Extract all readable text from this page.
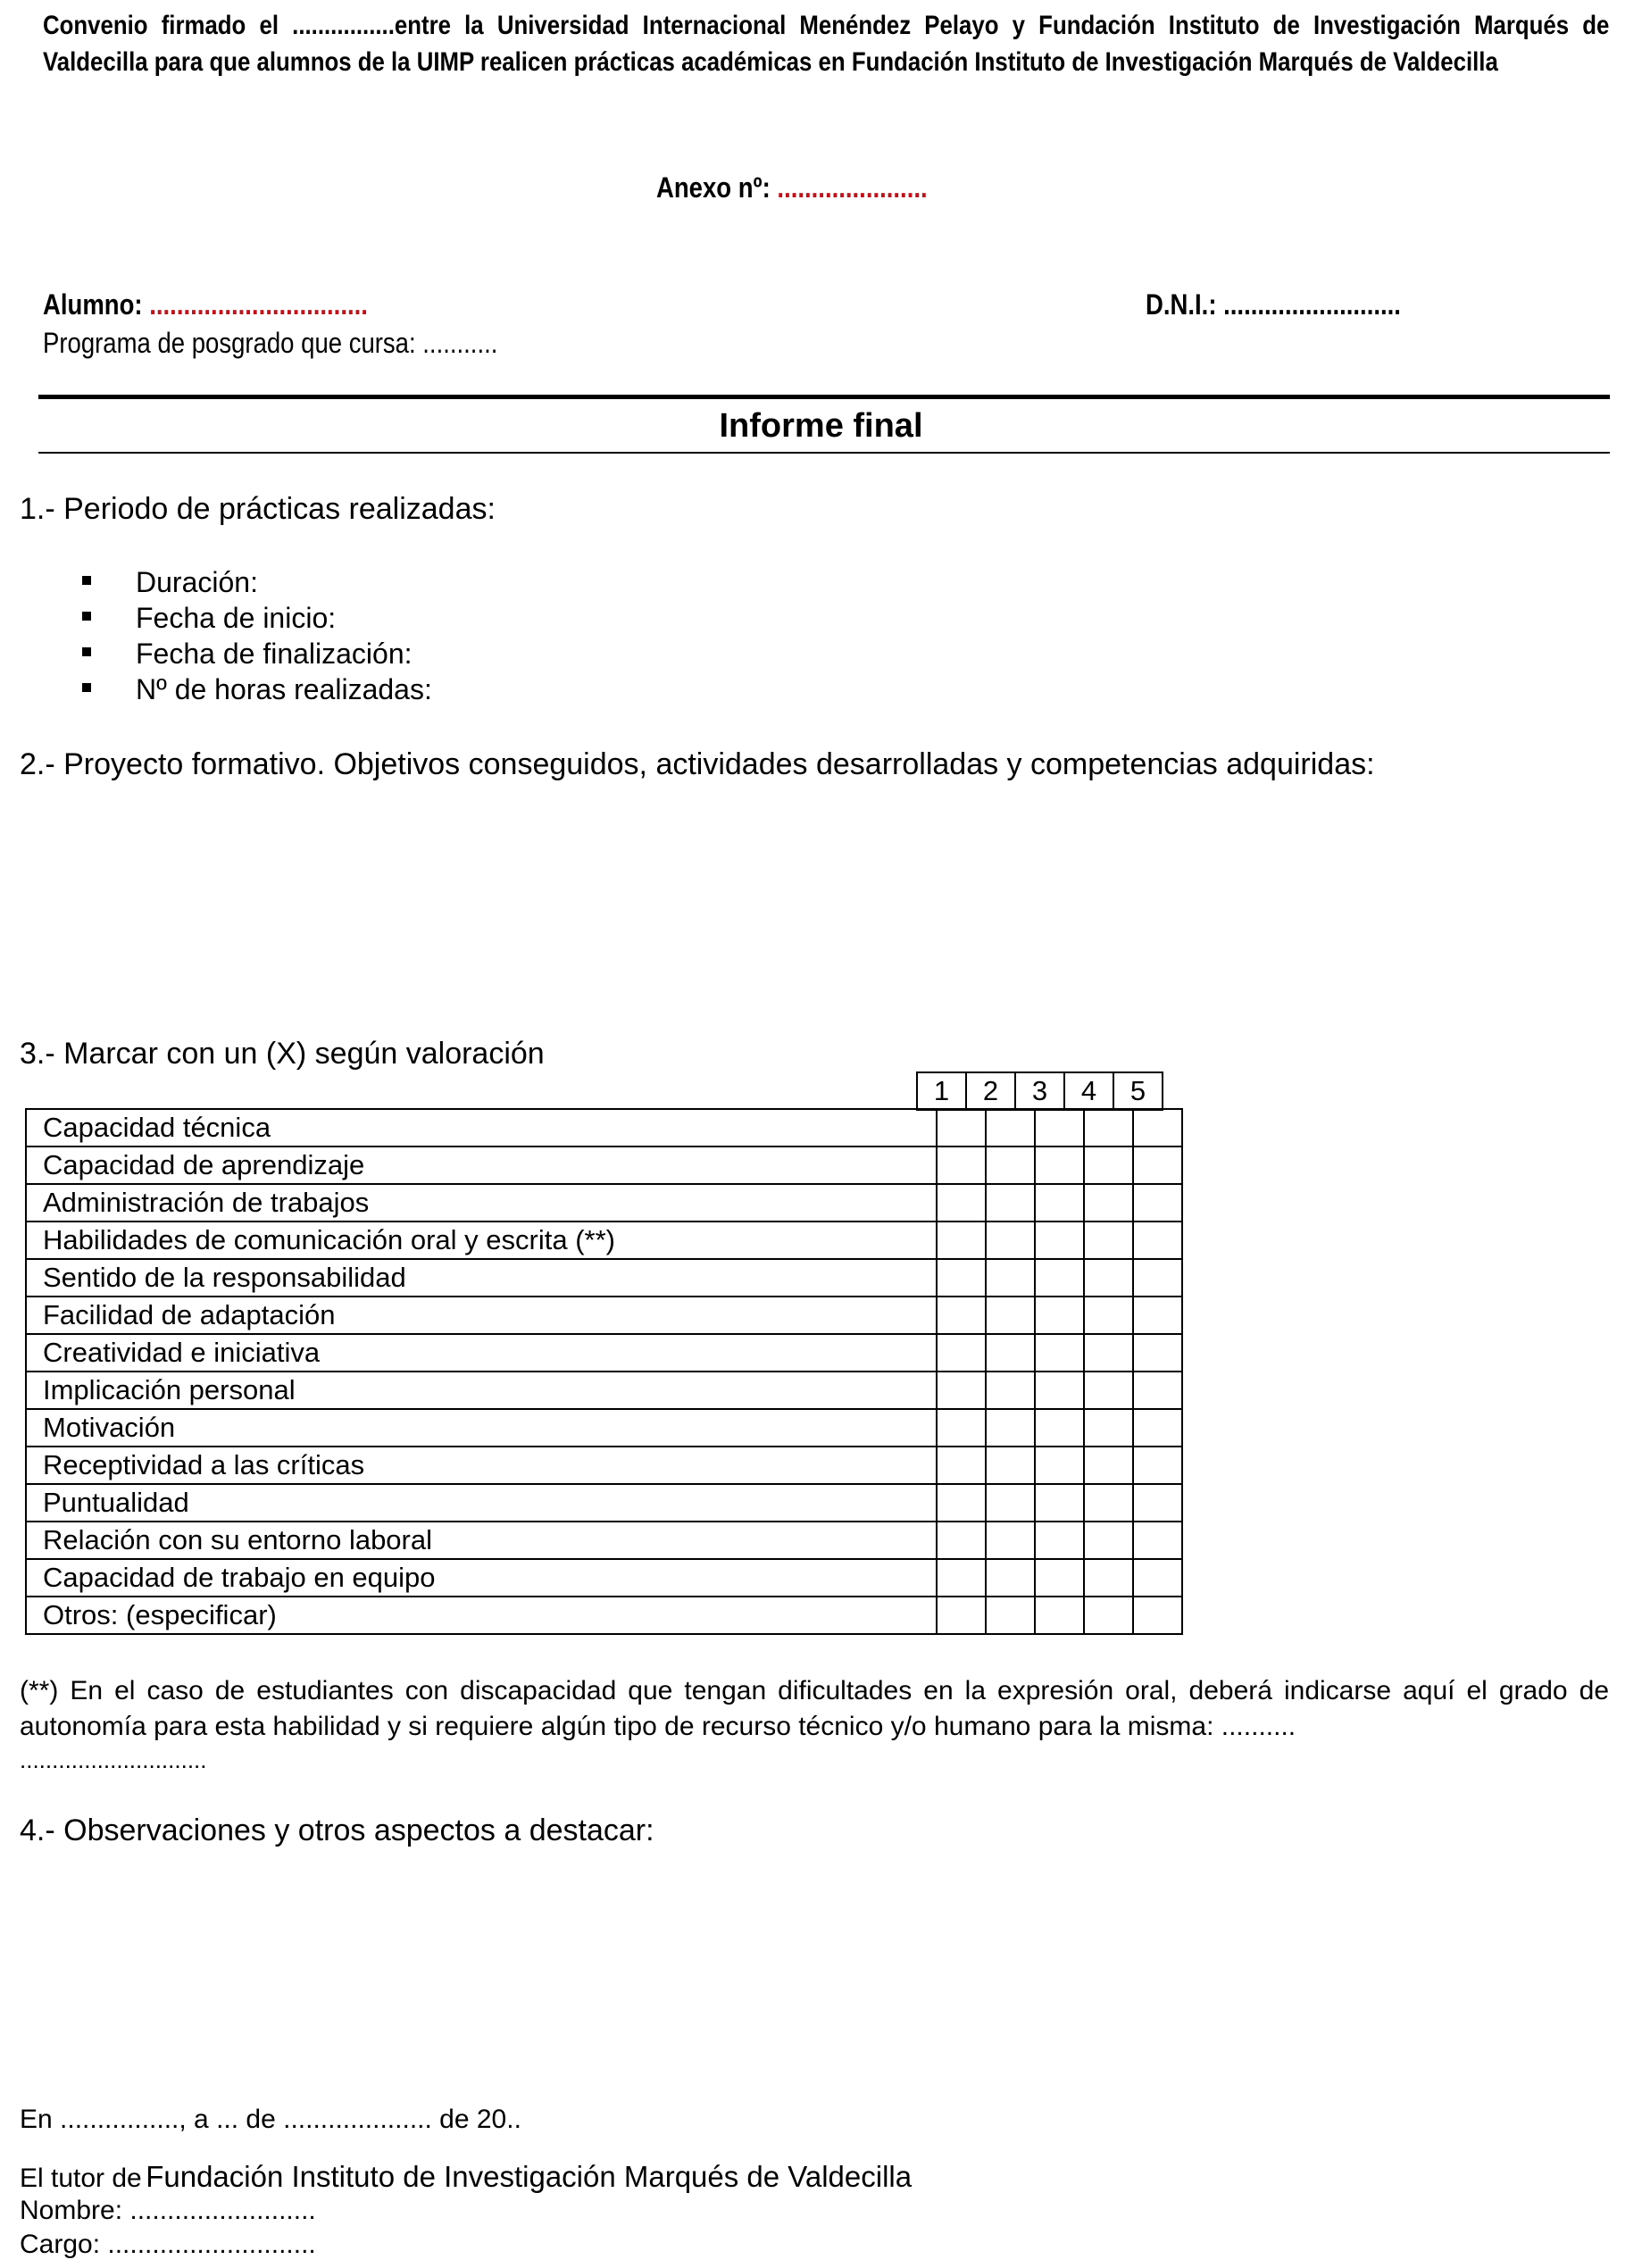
Convenio firmado el ................entre la Universidad Internacional Menéndez Pelayo y Fundación Instituto de Investigación Marqués de Valdecilla para que alumnos de la UIMP realicen prácticas académicas en Fundación Instituto de Investigación Marqués de Valdecilla
Anexo nº: ......................
Alumno: ................................	D.N.I.: ..........................
Programa de posgrado que cursa: ...........
Informe final
1.- Periodo de prácticas realizadas:
Duración:
Fecha de inicio:
Fecha de finalización:
Nº de horas realizadas:
2.- Proyecto formativo. Objetivos conseguidos, actividades desarrolladas y competencias adquiridas:
3.- Marcar con un (X) según valoración
1	2	3	4	5
Capacidad técnica					
Capacidad de aprendizaje					
Administración de trabajos					
Habilidades de comunicación oral y escrita (**)					
Sentido de la responsabilidad					
Facilidad de adaptación					
Creatividad e iniciativa					
Implicación personal					
Motivación					
Receptividad a las críticas					
Puntualidad					
Relación con su entorno laboral					
Capacidad de trabajo en equipo					
Otros: (especificar)					
(**) En el caso de estudiantes con discapacidad que tengan dificultades en la expresión oral, deberá indicarse aquí el grado de autonomía para esta habilidad y si requiere algún tipo de recurso técnico y/o humano para la misma: ..........
.............................
4.- Observaciones y otros aspectos a destacar:
En ................, a ... de .................... de 20..
El tutor de Fundación Instituto de Investigación Marqués de Valdecilla
Nombre: .........................
Cargo: ............................
